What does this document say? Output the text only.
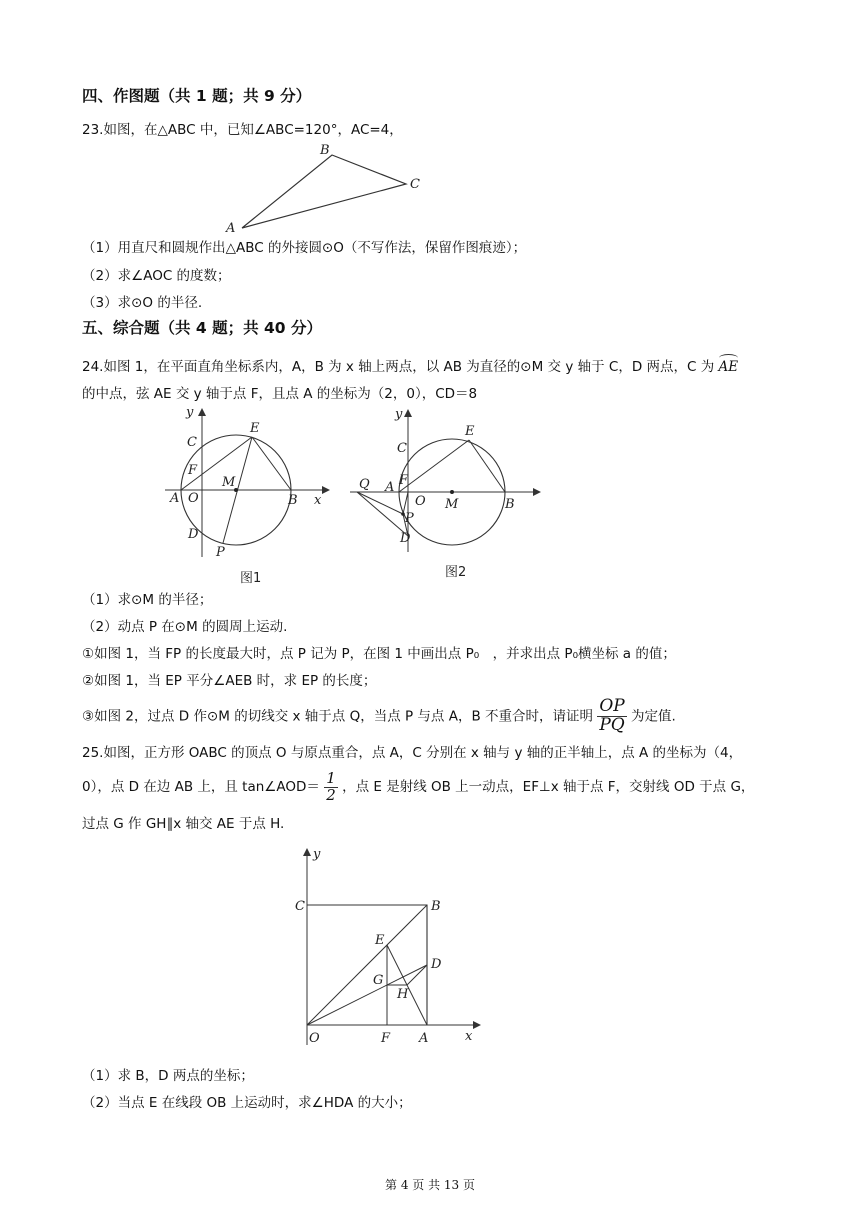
四、作图题（共 1 题；共 9 分）
23.如图，在△ABC 中，已知∠ABC=120°，AC=4，
B
C
A
（1）用直尺和圆规作出△ABC 的外接圆⊙O（不写作法，保留作图痕迹）；
（2）求∠AOC 的度数；
（3）求⊙O 的半径.
五、综合题（共 4 题；共 40 分）
24.如图 1，在平面直角坐标系内，A，B 为 x 轴上两点，以 AB 为直径的⊙M 交 y 轴于 C，D 两点，C 为 AE
的中点，弦 AE 交 y 轴于点 F，且点 A 的坐标为（2，0），CD＝8
y
C
E
F
M
A O	B x
D
P
图1
y
C
E
F
Q A
O M	B
P
D
图2
（1）求⊙M 的半径；
（2）动点 P 在⊙M 的圆周上运动.
①如图 1，当 FP 的长度最大时，点 P 记为 P，在图 1 中画出点 P₀　，并求出点 P₀横坐标 a 的值；
②如图 1，当 EP 平分∠AEB 时，求 EP 的长度；
③如图 2，过点 D 作⊙M 的切线交 x 轴于点 Q，当点 P 与点 A，B 不重合时，请证明 $\frac{OP}{PQ}$ 为定值.
25.如图，正方形 OABC 的顶点 O 与原点重合，点 A，C 分别在 x 轴与 y 轴的正半轴上，点 A 的坐标为（4，
0），点 D 在边 AB 上，且 tan∠AOD＝ $\frac{1}{2}$ ，点 E 是射线 OB 上一动点，EF⊥x 轴于点 F，交射线 OD 于点 G，
过点 G 作 GH∥x 轴交 AE 于点 H.
y
C	B
E
D
G
H
O	F A	x
（1）求 B，D 两点的坐标；
（2）当点 E 在线段 OB 上运动时，求∠HDA 的大小；
第 4 页 共 13 页
